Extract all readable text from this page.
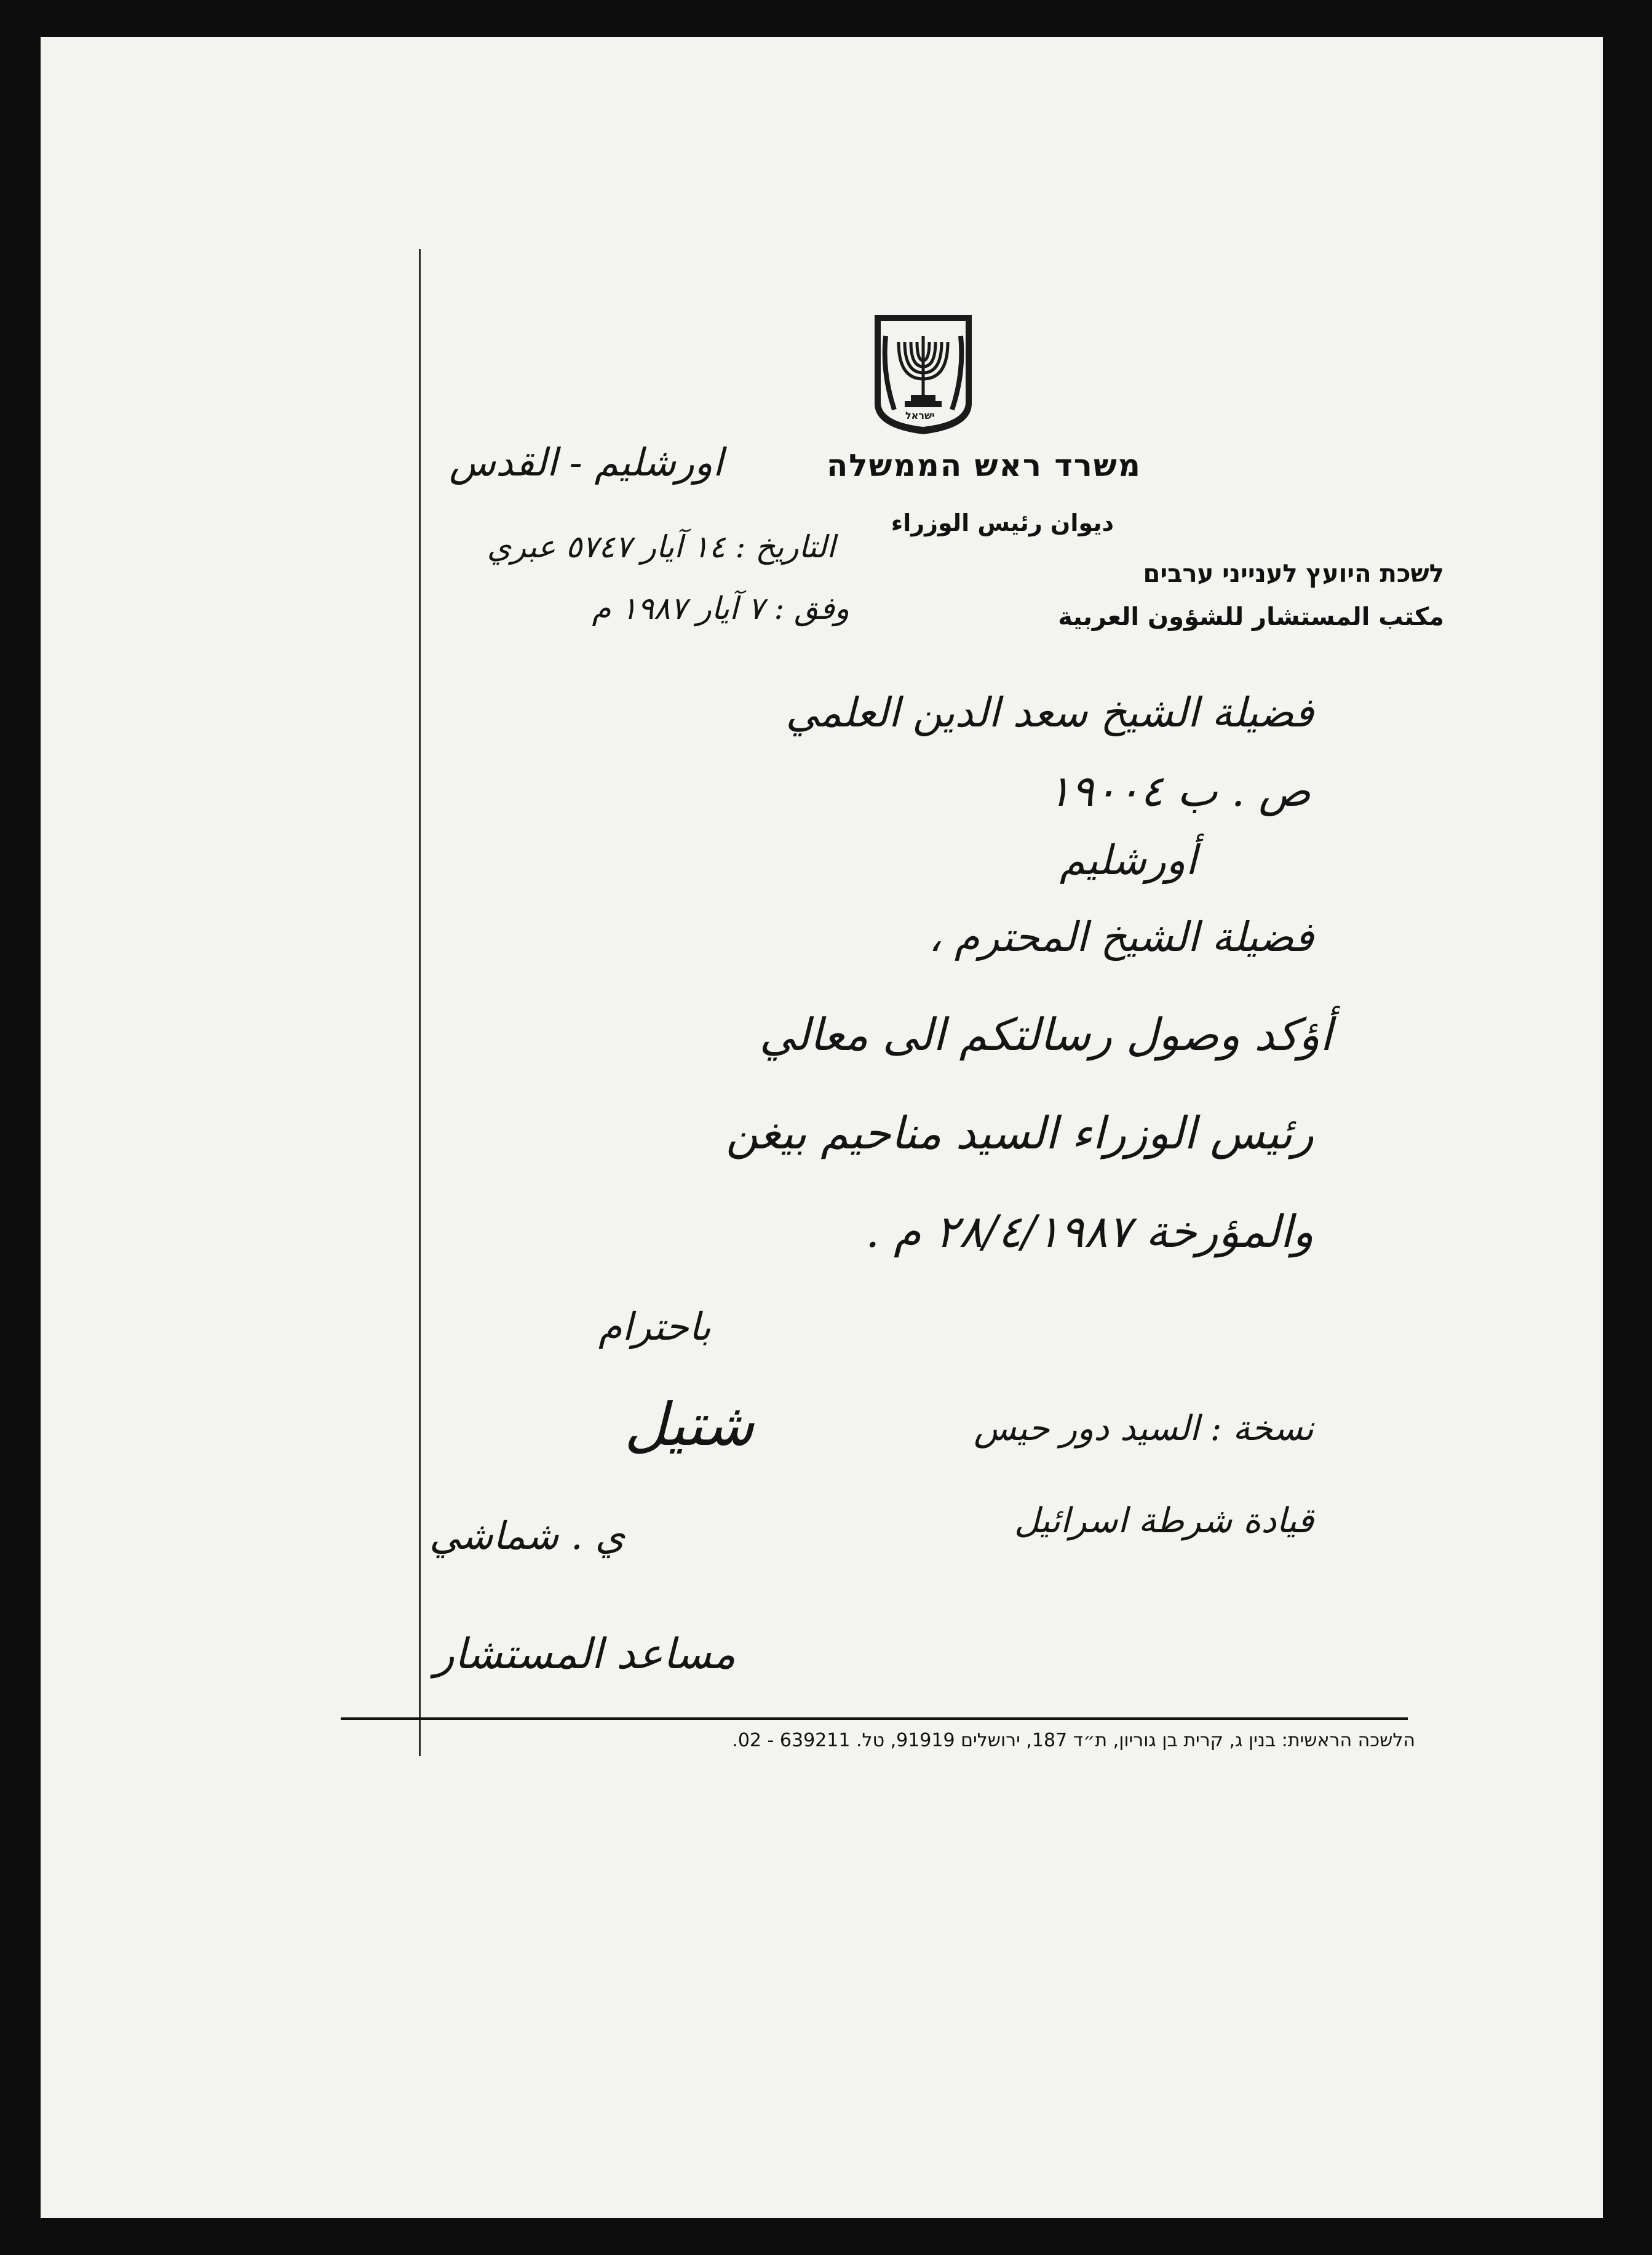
ישראל
משרד ראש הממשלה
ديوان رئيس الوزراء
לשכת היועץ לענייני ערבים
مكتب المستشار للشؤون العربية
اورشليم - القدس
التاريخ : ١٤ آيار ٥٧٤٧ عبري
وفق : ٧ آيار ١٩٨٧ م
فضيلة الشيخ سعد الدين العلمي
ص . ب ١٩٠٠٤
أورشليم
فضيلة الشيخ المحترم ،
أؤكد وصول رسالتكم الى معالي
رئيس الوزراء السيد مناحيم بيغن
والمؤرخة ٢٨/٤/١٩٨٧ م .
باحترام
شتيل
ي . شماشي
مساعد المستشار
نسخة : السيد دور حيس
قيادة شرطة اسرائيل
הלשכה הראשית: בנין ג, קרית בן גוריון, ת״ד 187, ירושלים 91919, טל. 639211 - 02.
